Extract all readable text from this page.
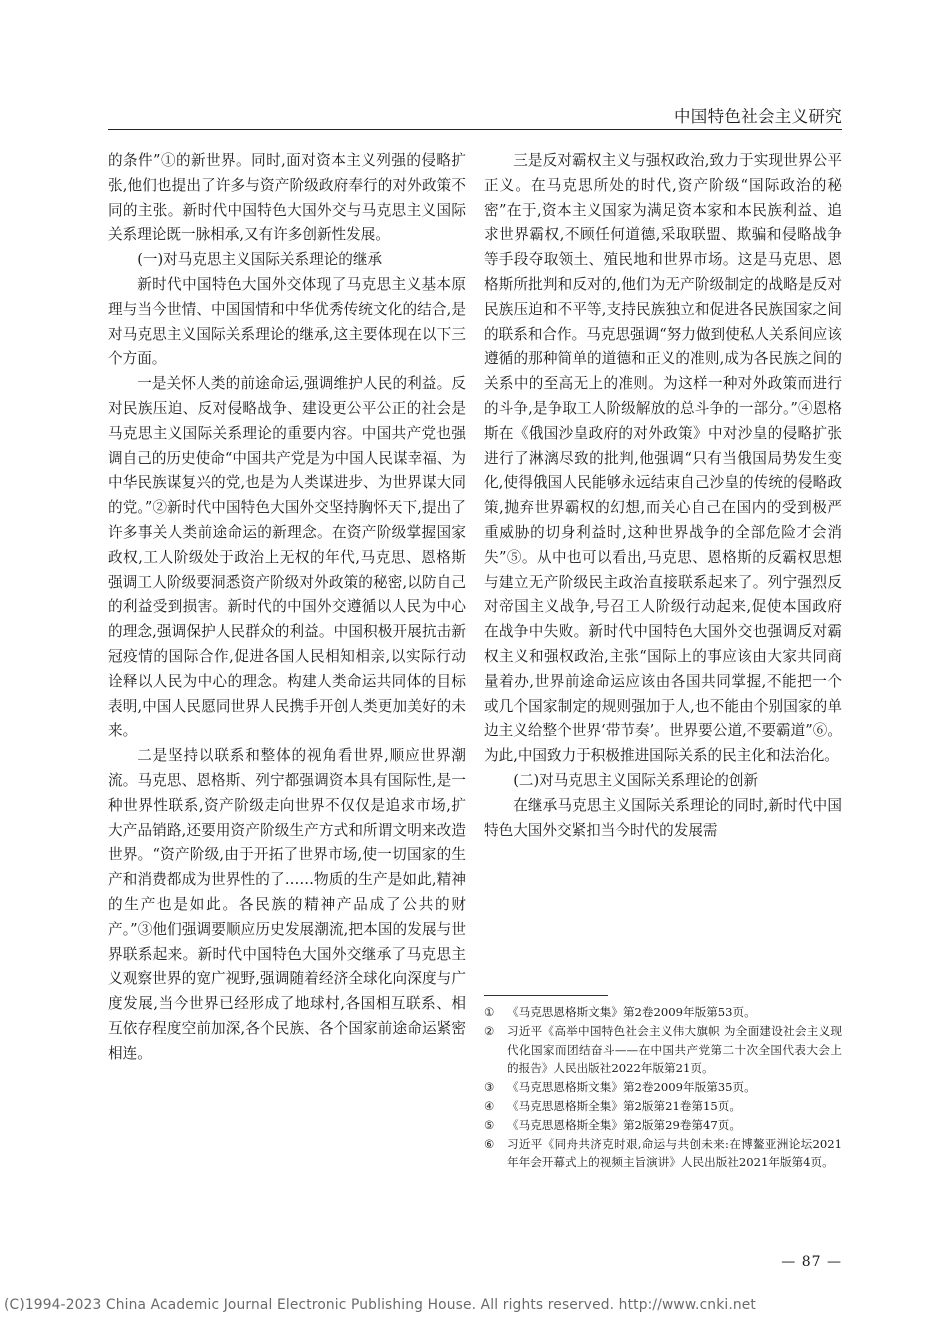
中国特色社会主义研究

的条件”①的新世界。同时,面对资本主义列强的侵略扩张,他们也提出了许多与资产阶级政府奉行的对外政策不同的主张。新时代中国特色大国外交与马克思主义国际关系理论既一脉相承,又有许多创新性发展。

(一)对马克思主义国际关系理论的继承

新时代中国特色大国外交体现了马克思主义基本原理与当今世情、中国国情和中华优秀传统文化的结合,是对马克思主义国际关系理论的继承,这主要体现在以下三个方面。

一是关怀人类的前途命运,强调维护人民的利益。反对民族压迫、反对侵略战争、建设更公平公正的社会是马克思主义国际关系理论的重要内容。中国共产党也强调自己的历史使命“中国共产党是为中国人民谋幸福、为中华民族谋复兴的党,也是为人类谋进步、为世界谋大同的党。”②新时代中国特色大国外交坚持胸怀天下,提出了许多事关人类前途命运的新理念。在资产阶级掌握国家政权,工人阶级处于政治上无权的年代,马克思、恩格斯强调工人阶级要洞悉资产阶级对外政策的秘密,以防自己的利益受到损害。新时代的中国外交遵循以人民为中心的理念,强调保护人民群众的利益。中国积极开展抗击新冠疫情的国际合作,促进各国人民相知相亲,以实际行动诠释以人民为中心的理念。构建人类命运共同体的目标表明,中国人民愿同世界人民携手开创人类更加美好的未来。

二是坚持以联系和整体的视角看世界,顺应世界潮流。马克思、恩格斯、列宁都强调资本具有国际性,是一种世界性联系,资产阶级走向世界不仅仅是追求市场,扩大产品销路,还要用资产阶级生产方式和所谓文明来改造世界。“资产阶级,由于开拓了世界市场,使一切国家的生产和消费都成为世界性的了……物质的生产是如此,精神的生产也是如此。各民族的精神产品成了公共的财产。”③他们强调要顺应历史发展潮流,把本国的发展与世界联系起来。新时代中国特色大国外交继承了马克思主义观察世界的宽广视野,强调随着经济全球化向深度与广度发展,当今世界已经形成了地球村,各国相互联系、相互依存程度空前加深,各个民族、各个国家前途命运紧密相连。

三是反对霸权主义与强权政治,致力于实现世界公平正义。在马克思所处的时代,资产阶级“国际政治的秘密”在于,资本主义国家为满足资本家和本民族利益、追求世界霸权,不顾任何道德,采取联盟、欺骗和侵略战争等手段夺取领土、殖民地和世界市场。这是马克思、恩格斯所批判和反对的,他们为无产阶级制定的战略是反对民族压迫和不平等,支持民族独立和促进各民族国家之间的联系和合作。马克思强调“努力做到使私人关系间应该遵循的那种简单的道德和正义的准则,成为各民族之间的关系中的至高无上的准则。为这样一种对外政策而进行的斗争,是争取工人阶级解放的总斗争的一部分。”④恩格斯在《俄国沙皇政府的对外政策》中对沙皇的侵略扩张进行了淋漓尽致的批判,他强调“只有当俄国局势发生变化,使得俄国人民能够永远结束自己沙皇的传统的侵略政策,抛弃世界霸权的幻想,而关心自己在国内的受到极严重威胁的切身利益时,这种世界战争的全部危险才会消失”⑤。从中也可以看出,马克思、恩格斯的反霸权思想与建立无产阶级民主政治直接联系起来了。列宁强烈反对帝国主义战争,号召工人阶级行动起来,促使本国政府在战争中失败。新时代中国特色大国外交也强调反对霸权主义和强权政治,主张“国际上的事应该由大家共同商量着办,世界前途命运应该由各国共同掌握,不能把一个或几个国家制定的规则强加于人,也不能由个别国家的单边主义给整个世界‘带节奏’。世界要公道,不要霸道”⑥。为此,中国致力于积极推进国际关系的民主化和法治化。

(二)对马克思主义国际关系理论的创新

在继承马克思主义国际关系理论的同时,新时代中国特色大国外交紧扣当今时代的发展需

①	《马克思恩格斯文集》第2卷2009年版第53页。
②	习近平《高举中国特色社会主义伟大旗帜 为全面建设社会主义现代化国家而团结奋斗——在中国共产党第二十次全国代表大会上的报告》人民出版社2022年版第21页。
③	《马克思恩格斯文集》第2卷2009年版第35页。
④	《马克思恩格斯全集》第2版第21卷第15页。
⑤	《马克思恩格斯全集》第2版第29卷第47页。
⑥	习近平《同舟共济克时艰,命运与共创未来:在博鳌亚洲论坛2021年年会开幕式上的视频主旨演讲》人民出版社2021年版第4页。
— 87 —
(C)1994-2023 China Academic Journal Electronic Publishing House. All rights reserved. http://www.cnki.net
